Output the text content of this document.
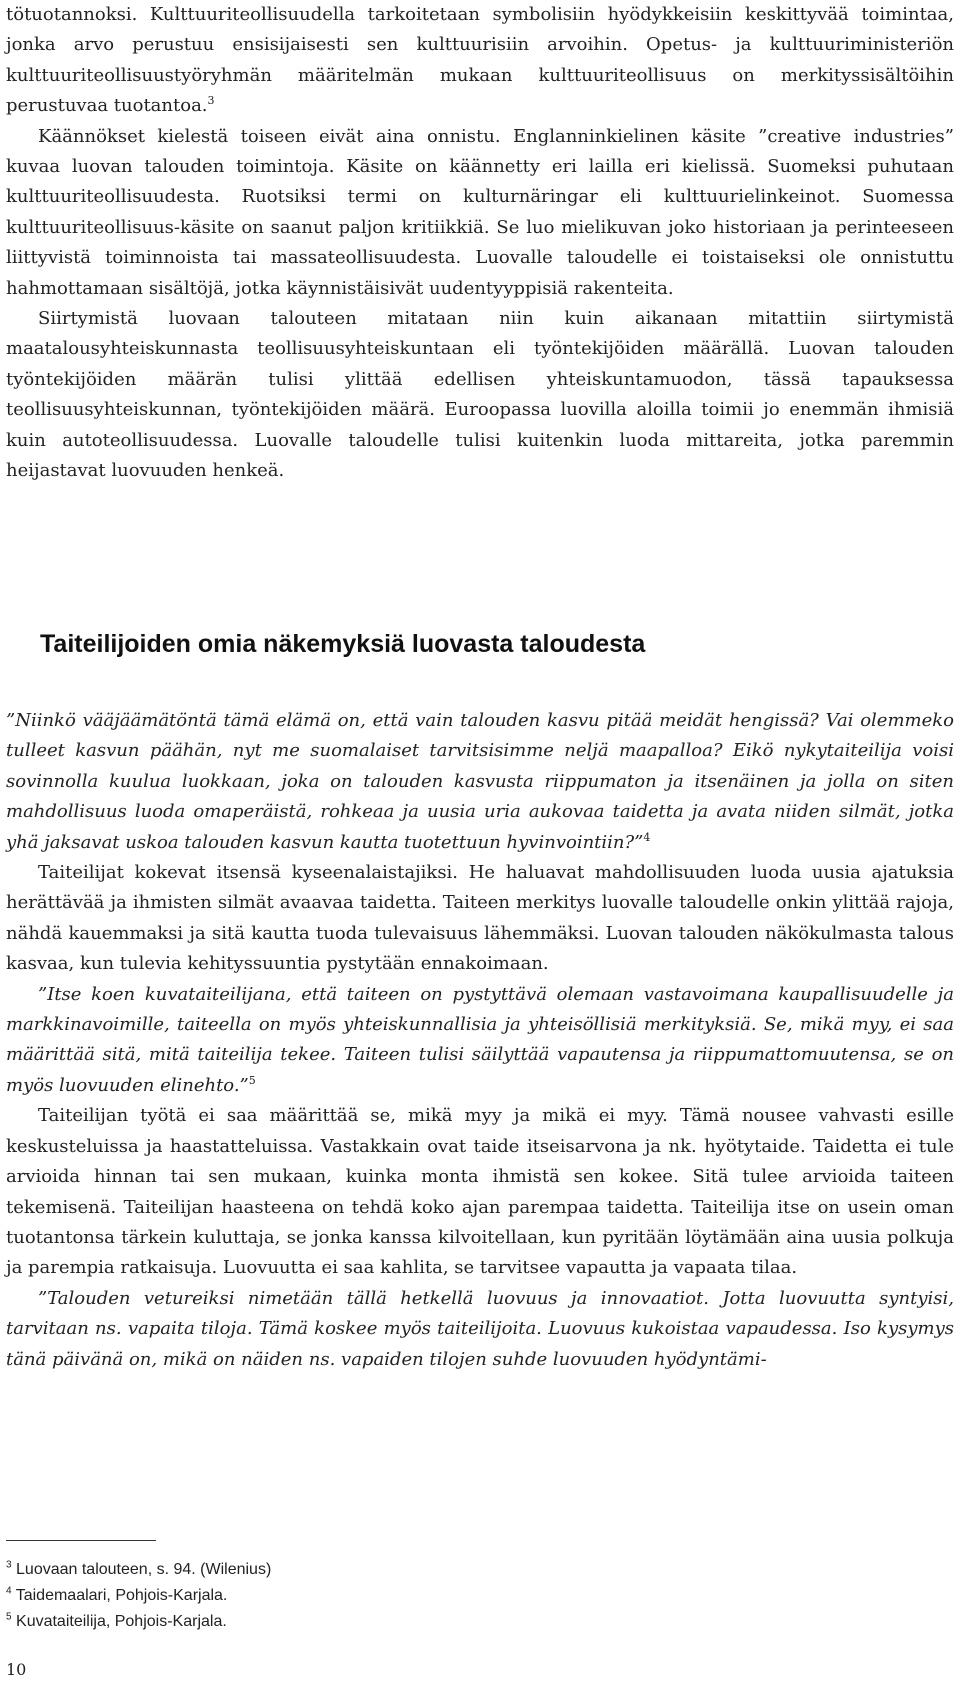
tötuotannoksi. Kulttuuriteollisuudella tarkoitetaan symbolisiin hyödykkeisiin keskittyvää toimintaa, jonka arvo perustuu ensisijaisesti sen kulttuurisiin arvoihin. Opetus- ja kulttuuriministeriön kulttuuriteollisuustyöryhmän määritelmän mukaan kulttuuriteollisuus on merkityssisältöihin perustuvaa tuotantoa.$^3$

Käännökset kielestä toiseen eivät aina onnistu. Englanninkielinen käsite ”creative industries” kuvaa luovan talouden toimintoja. Käsite on käännetty eri lailla eri kielissä. Suomeksi puhutaan kulttuuriteollisuudesta. Ruotsiksi termi on kulturnäringar eli kulttuurielinkeinot. Suomessa kulttuuriteollisuus-käsite on saanut paljon kritiikkiä. Se luo mielikuvan joko historiaan ja perinteeseen liittyvistä toiminnoista tai massateollisuudesta. Luovalle taloudelle ei toistaiseksi ole onnistuttu hahmottamaan sisältöjä, jotka käynnistäisivät uudentyyppisiä rakenteita.

Siirtymistä luovaan talouteen mitataan niin kuin aikanaan mitattiin siirtymistä maatalousyhteiskunnasta teollisuusyhteiskuntaan eli työntekijöiden määrällä. Luovan talouden työntekijöiden määrän tulisi ylittää edellisen yhteiskuntamuodon, tässä tapauksessa teollisuusyhteiskunnan, työntekijöiden määrä. Euroopassa luovilla aloilla toimii jo enemmän ihmisiä kuin autoteollisuudessa. Luovalle taloudelle tulisi kuitenkin luoda mittareita, jotka paremmin heijastavat luovuuden henkeä.

Taiteilijoiden omia näkemyksiä luovasta taloudesta

”Niinkö vääjäämätöntä tämä elämä on, että vain talouden kasvu pitää meidät hengissä? Vai olemmeko tulleet kasvun päähän, nyt me suomalaiset tarvitsisimme neljä maapalloa? Eikö nykytaiteilija voisi sovinnolla kuulua luokkaan, joka on talouden kasvusta riippumaton ja itsenäinen ja jolla on siten mahdollisuus luoda omaperäistä, rohkeaa ja uusia uria aukovaa taidetta ja avata niiden silmät, jotka yhä jaksavat uskoa talouden kasvun kautta tuotettuun hyvinvointiin?”$^4$

Taiteilijat kokevat itsensä kyseenalaistajiksi. He haluavat mahdollisuuden luoda uusia ajatuksia herättävää ja ihmisten silmät avaavaa taidetta. Taiteen merkitys luovalle taloudelle onkin ylittää rajoja, nähdä kauemmaksi ja sitä kautta tuoda tulevaisuus lähemmäksi. Luovan talouden näkökulmasta talous kasvaa, kun tulevia kehityssuuntia pystytään ennakoimaan.

”Itse koen kuvataiteilijana, että taiteen on pystyttävä olemaan vastavoimana kaupallisuudelle ja markkinavoimille, taiteella on myös yhteiskunnallisia ja yhteisöllisiä merkityksiä. Se, mikä myy, ei saa määrittää sitä, mitä taiteilija tekee. Taiteen tulisi säilyttää vapautensa ja riippumattomuutensa, se on myös luovuuden elinehto.”$^5$

Taiteilijan työtä ei saa määrittää se, mikä myy ja mikä ei myy. Tämä nousee vahvasti esille keskusteluissa ja haastatteluissa. Vastakkain ovat taide itseisarvona ja nk. hyötytaide. Taidetta ei tule arvioida hinnan tai sen mukaan, kuinka monta ihmistä sen kokee. Sitä tulee arvioida taiteen tekemisenä. Taiteilijan haasteena on tehdä koko ajan parempaa taidetta. Taiteilija itse on usein oman tuotantonsa tärkein kuluttaja, se jonka kanssa kilvoitellaan, kun pyritään löytämään aina uusia polkuja ja parempia ratkaisuja. Luovuutta ei saa kahlita, se tarvitsee vapautta ja vapaata tilaa.

”Talouden vetureiksi nimetään tällä hetkellä luovuus ja innovaatiot. Jotta luovuutta syntyisi, tarvitaan ns. vapaita tiloja. Tämä koskee myös taiteilijoita. Luovuus kukoistaa vapaudessa. Iso kysymys tänä päivänä on, mikä on näiden ns. vapaiden tilojen suhde luovuuden hyödyntämi-

$^3$ Luovaan talouteen, s. 94. (Wilenius)

$^4$ Taidemaalari, Pohjois-Karjala.

$^5$ Kuvataiteilija, Pohjois-Karjala.

10
